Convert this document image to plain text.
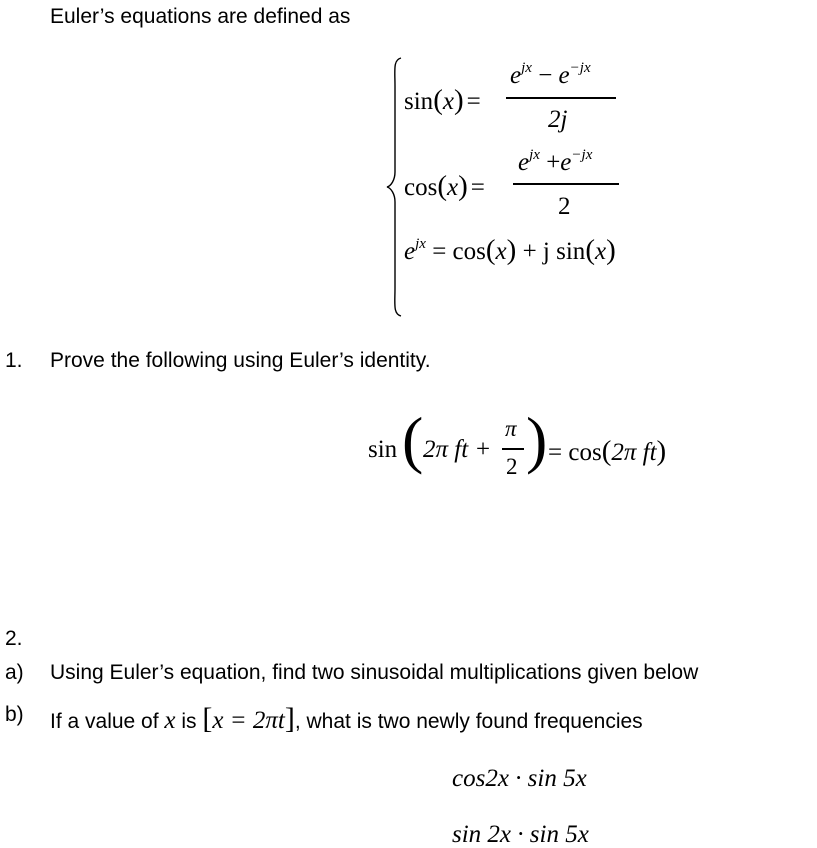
Euler’s equations are defined as
sin(x) =
$e^{jx} - e^{-jx}$
2j
cos(x) =
$e^{jx} +e^{-jx}$
2
$e^{jx} = \cos(x) + j$ sin(x)
1. Prove the following using Euler’s identity.
sin ( 2π ft +
π
2 ) = cos(2π ft)
2.
a) Using Euler’s equation, find two sinusoidal multiplications given below
b) If a value of x is [x = 2πt], what is two newly found frequencies
cos2x · sin 5x
sin 2x · sin 5x
